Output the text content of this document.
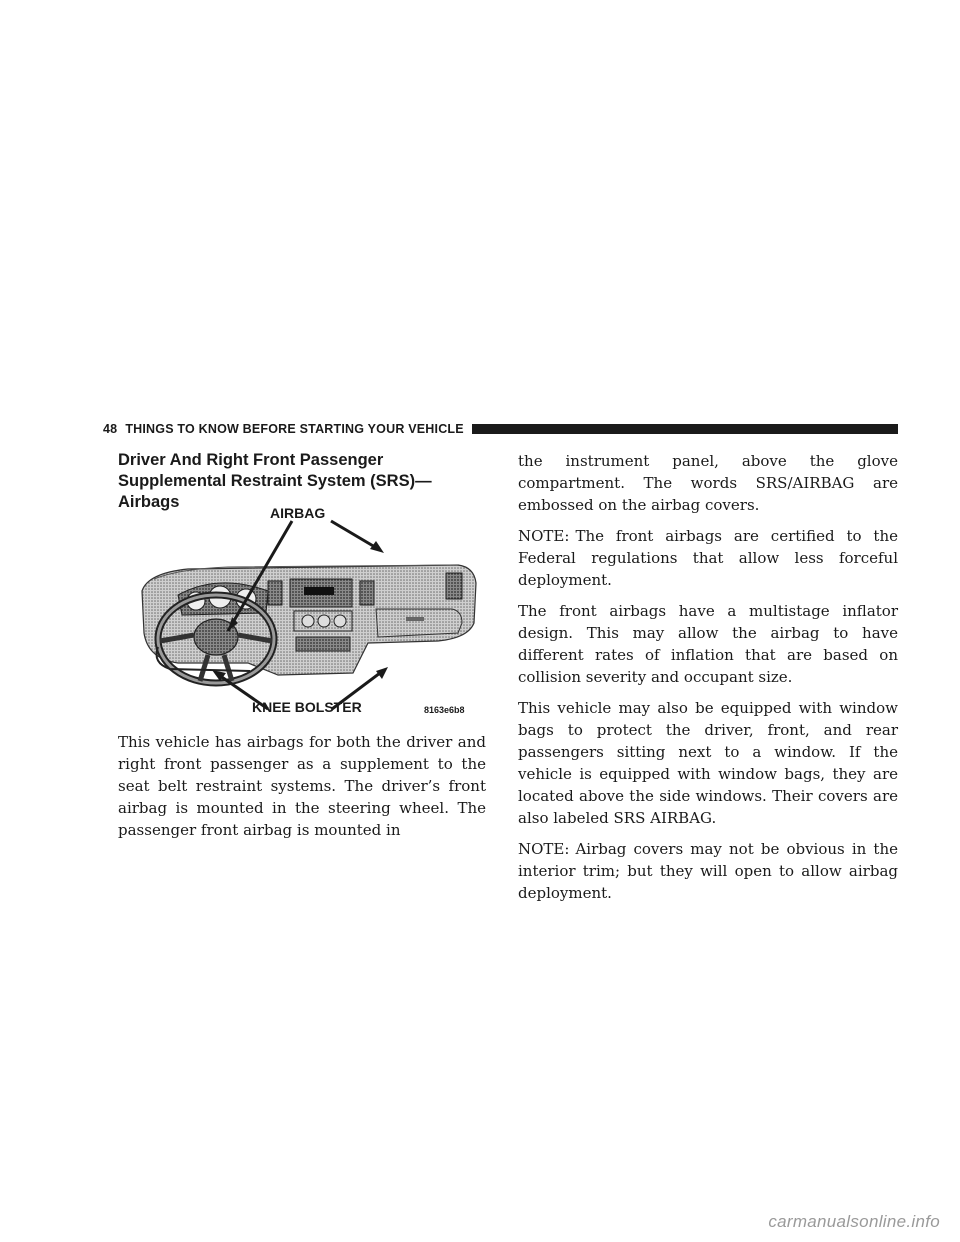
48 THINGS TO KNOW BEFORE STARTING YOUR VEHICLE
Driver And Right Front Passenger Supplemental Restraint System (SRS)—Airbags
AIRBAG
KNEE BOLSTER	8163e6b8

This vehicle has airbags for both the driver and right front passenger as a supplement to the seat belt restraint systems. The driver’s front airbag is mounted in the steering wheel. The passenger front airbag is mounted in

the instrument panel, above the glove compartment. The words SRS/AIRBAG are embossed on the airbag covers.

NOTE: The front airbags are certified to the Federal regulations that allow less forceful deployment.

The front airbags have a multistage inflator design. This may allow the airbag to have different rates of inflation that are based on collision severity and occupant size.

This vehicle may also be equipped with window bags to protect the driver, front, and rear passengers sitting next to a window. If the vehicle is equipped with window bags, they are located above the side windows. Their covers are also labeled SRS AIRBAG.

NOTE: Airbag covers may not be obvious in the interior trim; but they will open to allow airbag deployment.

carmanualsonline.info
